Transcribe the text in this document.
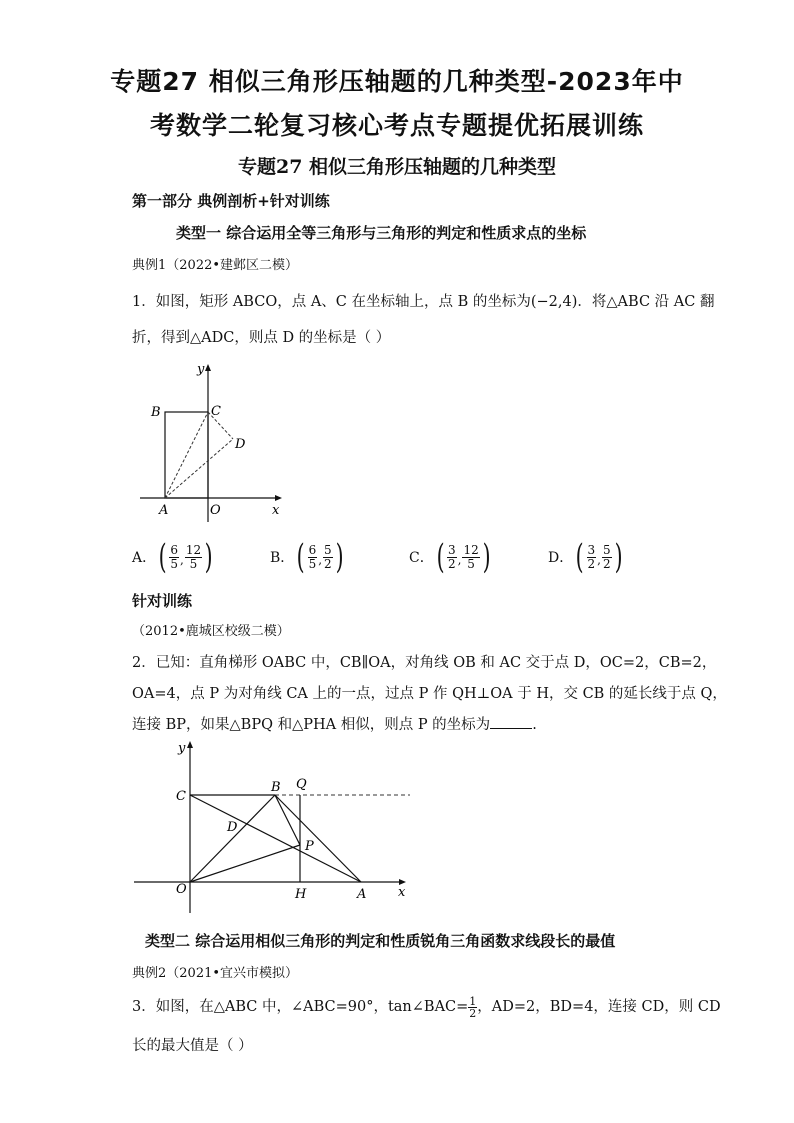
专题27 相似三角形压轴题的几种类型-2023年中
考数学二轮复习核心考点专题提优拓展训练
专题27 相似三角形压轴题的几种类型
第一部分 典例剖析+针对训练
类型一 综合运用全等三角形与三角形的判定和性质求点的坐标
典例1（2022•建邺区二模）
1．如图，矩形 ABCO，点 A、C 在坐标轴上，点 B 的坐标为(−2,4)．将△ABC 沿 AC 翻
折，得到△ADC，则点 D 的坐标是（ ）
y
x
B	C
D
A	O
A． ( $\frac{6}{5}$ , $\frac{12}{5}$ )	B． ( $\frac{6}{5}$ , $\frac{5}{2}$ )	C． ( $\frac{3}{2}$ , $\frac{12}{5}$ )	D． ( $\frac{3}{2}$ , $\frac{5}{2}$ )
针对训练
（2012•鹿城区校级二模）
2．已知：直角梯形 OABC 中，CB∥OA，对角线 OB 和 AC 交于点 D，OC=2，CB=2，
OA=4，点 P 为对角线 CA 上的一点，过点 P 作 QH⊥OA 于 H，交 CB 的延长线于点 Q，
连接 BP，如果△BPQ 和△PHA 相似，则点 P 的坐标为	.
y
x
C
B Q
D
P
O	H	A
类型二 综合运用相似三角形的判定和性质锐角三角函数求线段长的最值
典例2（2021•宜兴市模拟）
3．如图，在△ABC 中，∠ABC=90°，tan∠BAC= $\frac{1}{2}$ ，AD=2，BD=4，连接 CD，则 CD
长的最大值是（ ）
